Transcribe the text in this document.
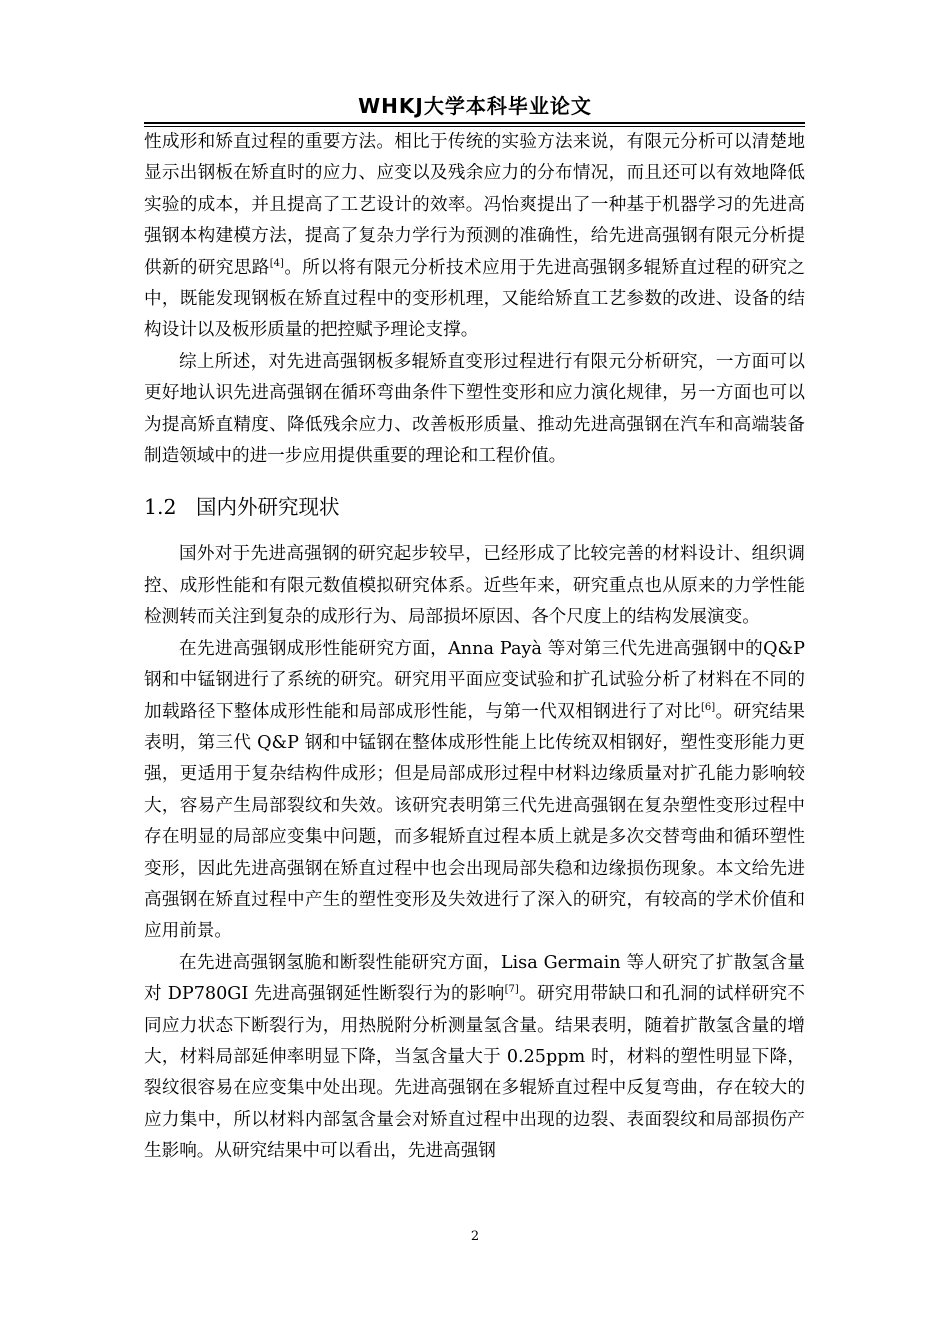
WHKJ大学本科毕业论文

性成形和矫直过程的重要方法。相比于传统的实验方法来说，有限元分析可以清楚地显示出钢板在矫直时的应力、应变以及残余应力的分布情况，而且还可以有效地降低实验的成本，并且提高了工艺设计的效率。冯怡爽提出了一种基于机器学习的先进高强钢本构建模方法，提高了复杂力学行为预测的准确性，给先进高强钢有限元分析提供新的研究思路[4]。所以将有限元分析技术应用于先进高强钢多辊矫直过程的研究之中，既能发现钢板在矫直过程中的变形机理，又能给矫直工艺参数的改进、设备的结构设计以及板形质量的把控赋予理论支撑。

综上所述，对先进高强钢板多辊矫直变形过程进行有限元分析研究，一方面可以更好地认识先进高强钢在循环弯曲条件下塑性变形和应力演化规律，另一方面也可以为提高矫直精度、降低残余应力、改善板形质量、推动先进高强钢在汽车和高端装备制造领域中的进一步应用提供重要的理论和工程价值。

1.2 国内外研究现状

国外对于先进高强钢的研究起步较早，已经形成了比较完善的材料设计、组织调控、成形性能和有限元数值模拟研究体系。近些年来，研究重点也从原来的力学性能检测转而关注到复杂的成形行为、局部损坏原因、各个尺度上的结构发展演变。

在先进高强钢成形性能研究方面，Anna Payà 等对第三代先进高强钢中的Q&P 钢和中锰钢进行了系统的研究。研究用平面应变试验和扩孔试验分析了材料在不同的加载路径下整体成形性能和局部成形性能，与第一代双相钢进行了对比[6]。研究结果表明，第三代 Q&P 钢和中锰钢在整体成形性能上比传统双相钢好，塑性变形能力更强，更适用于复杂结构件成形；但是局部成形过程中材料边缘质量对扩孔能力影响较大，容易产生局部裂纹和失效。该研究表明第三代先进高强钢在复杂塑性变形过程中存在明显的局部应变集中问题，而多辊矫直过程本质上就是多次交替弯曲和循环塑性变形，因此先进高强钢在矫直过程中也会出现局部失稳和边缘损伤现象。本文给先进高强钢在矫直过程中产生的塑性变形及失效进行了深入的研究，有较高的学术价值和应用前景。

在先进高强钢氢脆和断裂性能研究方面，Lisa Germain 等人研究了扩散氢含量对 DP780GI 先进高强钢延性断裂行为的影响[7]。研究用带缺口和孔洞的试样研究不同应力状态下断裂行为，用热脱附分析测量氢含量。结果表明，随着扩散氢含量的增大，材料局部延伸率明显下降，当氢含量大于 0.25ppm 时，材料的塑性明显下降，裂纹很容易在应变集中处出现。先进高强钢在多辊矫直过程中反复弯曲，存在较大的应力集中，所以材料内部氢含量会对矫直过程中出现的边裂、表面裂纹和局部损伤产生影响。从研究结果中可以看出，先进高强钢

2
